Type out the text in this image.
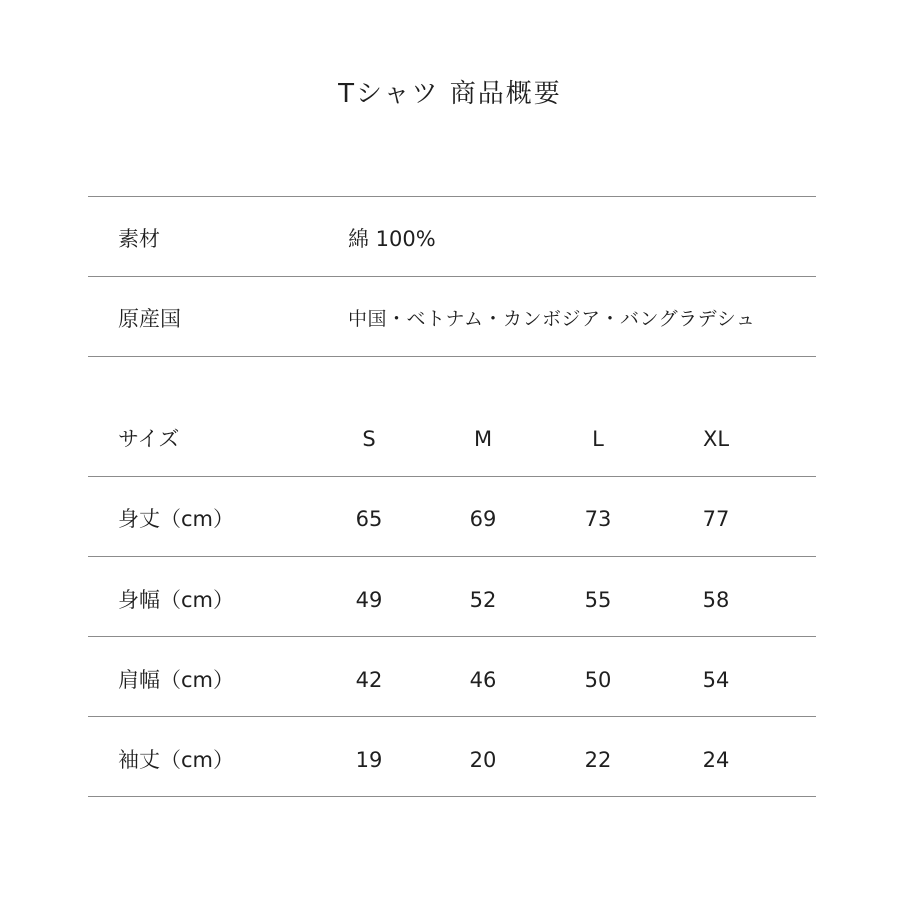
Tシャツ 商品概要
素材	綿 100%
原産国	中国・ベトナム・カンボジア・バングラデシュ
サイズ	S	M	L	XL
身丈（cm）	65	69	73	77
身幅（cm）	49	52	55	58
肩幅（cm）	42	46	50	54
袖丈（cm）	19	20	22	24
